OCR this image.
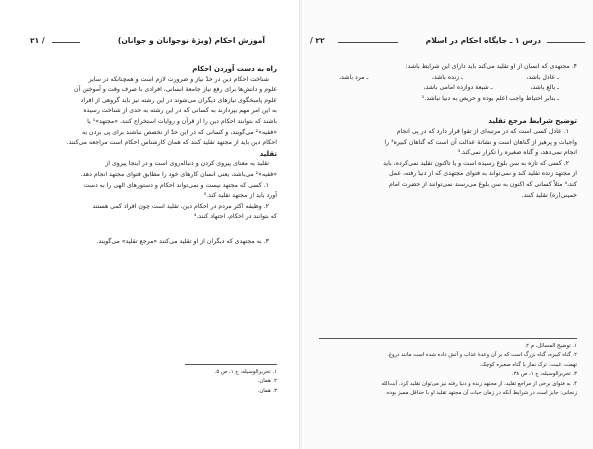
/ ۲۲	درس ۱ ـ جایگاه احکام در اسلام

۴. مجتهدی که انسان از او تقلید می‌کند باید دارای این شرایط باشد:

ـ عادل باشد،
ـ زنده باشد،
ـ مرد باشد،
ـ بالغ باشد،
ـ شیعهٔ دوازده امامی باشد،

ـ بنابر احتیاط واجب اعلم بوده و حریص به دنیا نباشد.¹

توضیح شرایط مرجع تقلید

۱. عادل کسی است که در مرتبه‌ای از تقوا قرار دارد که در پی انجام

واجبات و پرهیز از گناهان است و نشانهٔ عدالت آن است که گناهان کبیره² را

انجام نمی‌دهد، و گناه صغیره را تکرار نمی‌کند.³

۲. کسی که تازه به سن بلوغ رسیده است و یا تاکنون تقلید نمی‌کرده، باید

از مجتهد زنده تقلید کند و نمی‌تواند به فتوای مجتهدی که از دنیا رفته، عمل

کند،⁴ مثلاً کسانی که اکنون به سن بلوغ می‌رسند نمی‌توانند از حضرت امام

خمینی(ره) تقلید کنند.

۱. توضیح المسائل، م ۲.
۲. گناه کبیره، گناه بزرگ است که بر آن وعدهٔ عذاب و آتش داده شده است مانند دروغ.
تهمت، غیبت. ترک نماز یا گناه صغیره کوچک.
۳. تحریرالوسیله، ج ۱، ص ۳۸.
۴. به فتوای برخی از مراجع تقلید، از مجتهد زنده و دنیا رفته نیز می‌توان تقلید کرد. آیت‌الله
زنجانی: جایز است در شرایط آنکه در زمان حیات آن مجتهد تقلید او با حداقل ممیز بوده.
۲۱ /	آموزش احکام (ویژهٔ نوجوانان و جوانان)

راه به دست آوردن احکام

شناخت احکام دین در حدّ نیاز و ضرورت لازم است و همچنانکه در سایر

علوم و دانش‌ها برای رفع نیاز جامعهٔ انسانی، افرادی با صرف وقت و آموختن آن

علوم پاسخگوی نیازهای دیگران می‌شوند در این رشته نیز باید گروهی از افراد

به این امر مهم بپردازند به کسانی که در این رشته به حدی از شناخت رسیده

باشند که بتوانند احکام دین را از قرآن و روایات استخراج کنند، «مجتهد»¹ یا

«فقیه»² می‌گویند، و کسانی که در این حدّ از تخصص نباشند برای پی بردن به

احکام دین باید از مجتهد تقلید کنند که همان کارشناس احکام است مراجعه می‌کنند.

تقلید

تقلید به معنای پیروی کردن و دنباله‌روی است و در اینجا پیروی از

«فقیه»² می‌باشد، یعنی انسان کارهای خود را مطابق فتوای مجتهد انجام دهد.

۱. کسی که مجتهد نیست و نمی‌تواند احکام و دستورهای الهی را به دست

آورد باید از مجتهد تقلید کند.³

۲. وظیفه اکثر مردم در احکام دین، تقلید است چون افراد کمی هستند

که بتوانند در احکام، اجتهاد کنند.⁴

۳. به مجتهدی که دیگران از او تقلید می‌کنند «مرجع تقلید» می‌گویند.

۱. تحریرالوسیله، ج ۱، ص ۵.
۲. همان.
۳. همان.
